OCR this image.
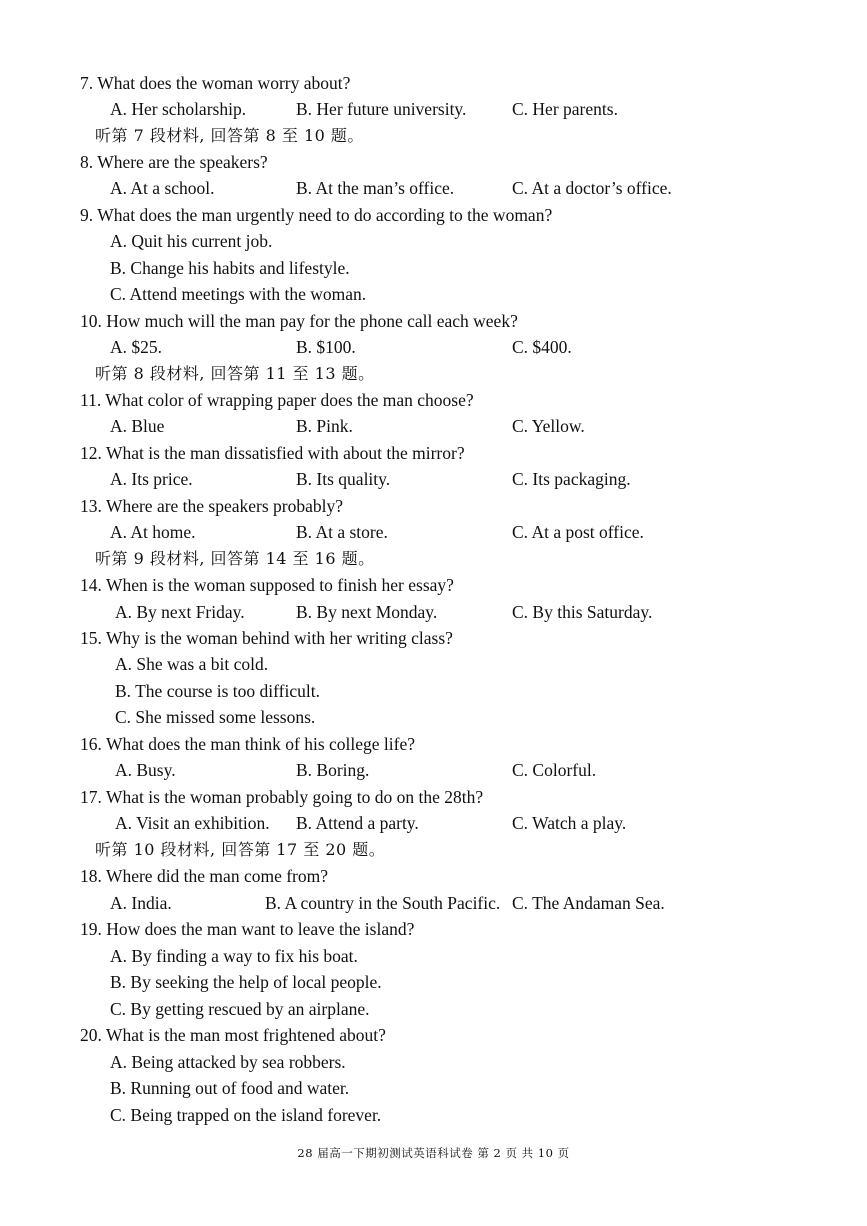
7. What does the woman worry about?
A. Her scholarship.	B. Her future university.	C. Her parents.
听第 7 段材料, 回答第 8 至 10 题。
8. Where are the speakers?
A. At a school.	B. At the man’s office.	C. At a doctor’s office.
9. What does the man urgently need to do according to the woman?
A. Quit his current job.
B. Change his habits and lifestyle.
C. Attend meetings with the woman.
10. How much will the man pay for the phone call each week?
A. $25.	B. $100.	C. $400.
听第 8 段材料, 回答第 11 至 13 题。
11. What color of wrapping paper does the man choose?
A. Blue	B. Pink.	C. Yellow.
12. What is the man dissatisfied with about the mirror?
A. Its price.	B. Its quality.	C. Its packaging.
13. Where are the speakers probably?
A. At home.	B. At a store.	C. At a post office.
听第 9 段材料, 回答第 14 至 16 题。
14. When is the woman supposed to finish her essay?
A. By next Friday.	B. By next Monday.	C. By this Saturday.
15. Why is the woman behind with her writing class?
A. She was a bit cold.
B. The course is too difficult.
C. She missed some lessons.
16. What does the man think of his college life?
A. Busy.	B. Boring.	C. Colorful.
17. What is the woman probably going to do on the 28th?
A. Visit an exhibition. B. Attend a party.	C. Watch a play.
听第 10 段材料, 回答第 17 至 20 题。
18. Where did the man come from?
A. India.	B. A country in the South Pacific. C. The Andaman Sea.
19. How does the man want to leave the island?
A. By finding a way to fix his boat.
B. By seeking the help of local people.
C. By getting rescued by an airplane.
20. What is the man most frightened about?
A. Being attacked by sea robbers.
B. Running out of food and water.
C. Being trapped on the island forever.
28 届高一下期初测试英语科试卷 第 2 页 共 10 页
